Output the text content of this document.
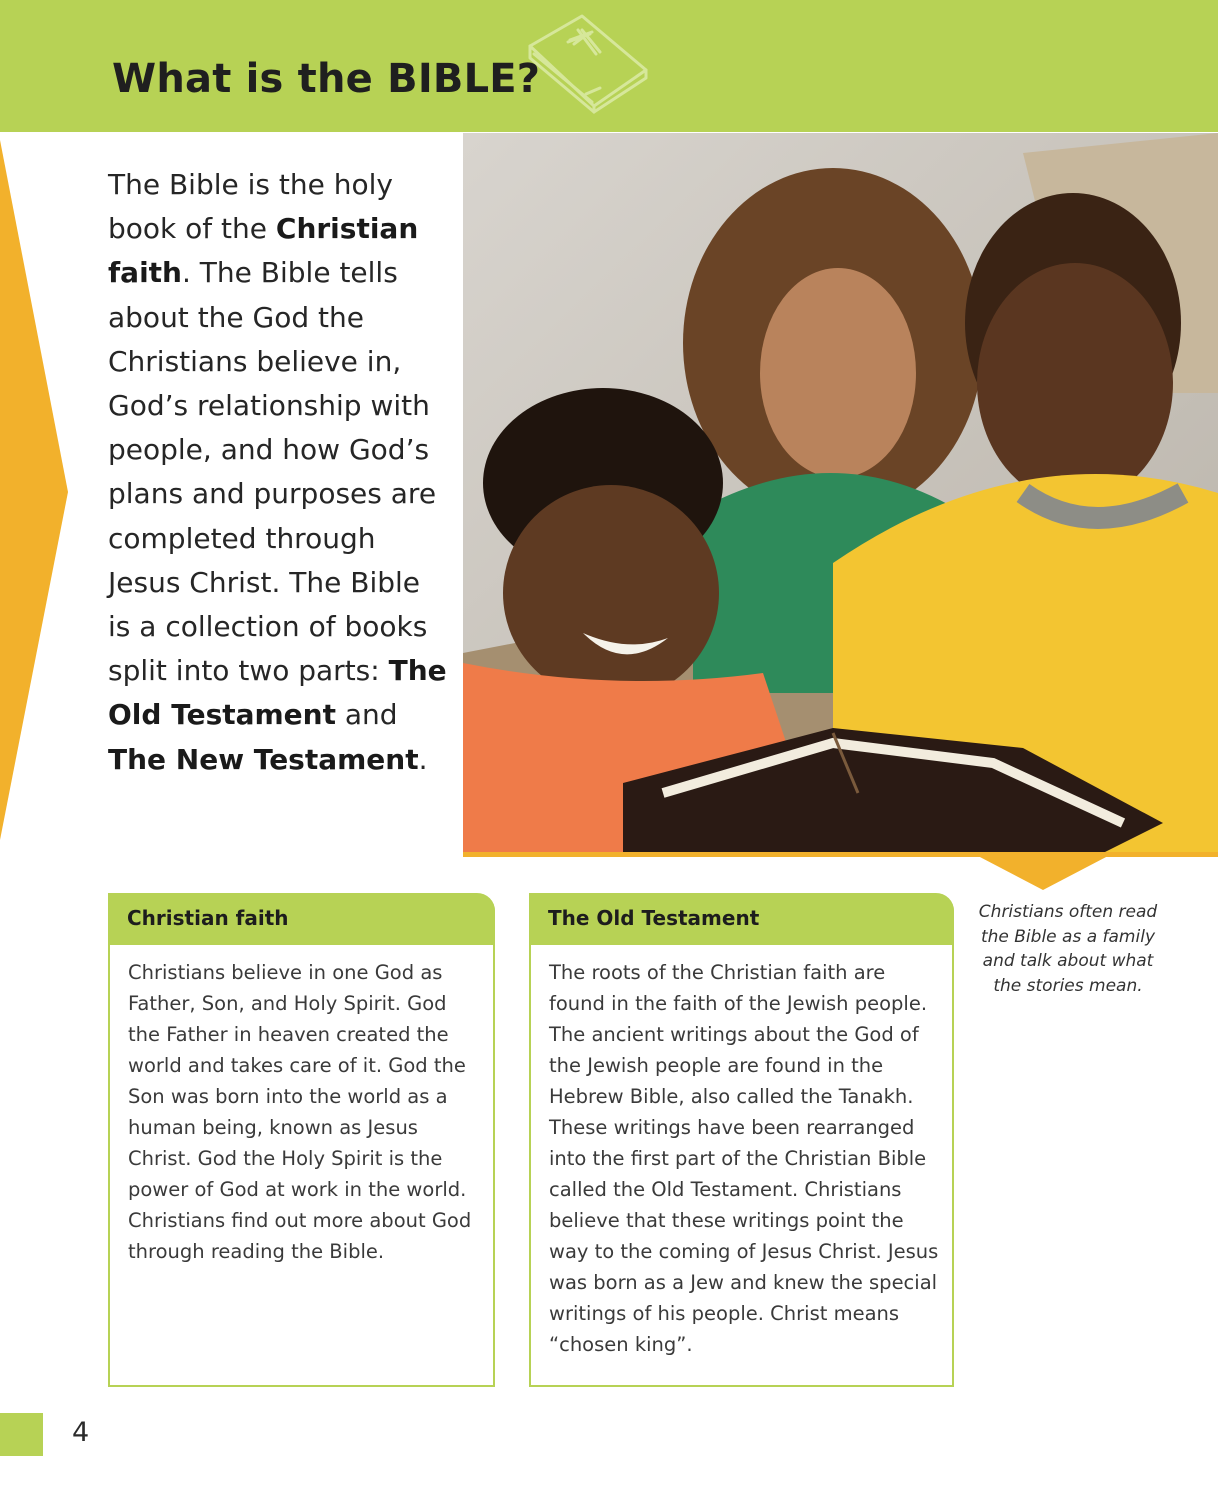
What is the BIBLE?

The Bible is the holy book of the Christian faith. The Bible tells about the God the Christians believe in, God’s relationship with people, and how God’s plans and purposes are completed through Jesus Christ. The Bible is a collection of books split into two parts: The Old Testament and The New Testament.

Christians often read the Bible as a family and talk about what the stories mean.

Christian faith

Christians believe in one God as Father, Son, and Holy Spirit. God the Father in heaven created the world and takes care of it. God the Son was born into the world as a human being, known as Jesus Christ. God the Holy Spirit is the power of God at work in the world. Christians find out more about God through reading the Bible.

The Old Testament

The roots of the Christian faith are found in the faith of the Jewish people. The ancient writings about the God of the Jewish people are found in the Hebrew Bible, also called the Tanakh. These writings have been rearranged into the first part of the Christian Bible called the Old Testament. Christians believe that these writings point the way to the coming of Jesus Christ. Jesus was born as a Jew and knew the special writings of his people. Christ means “chosen king”.

4
